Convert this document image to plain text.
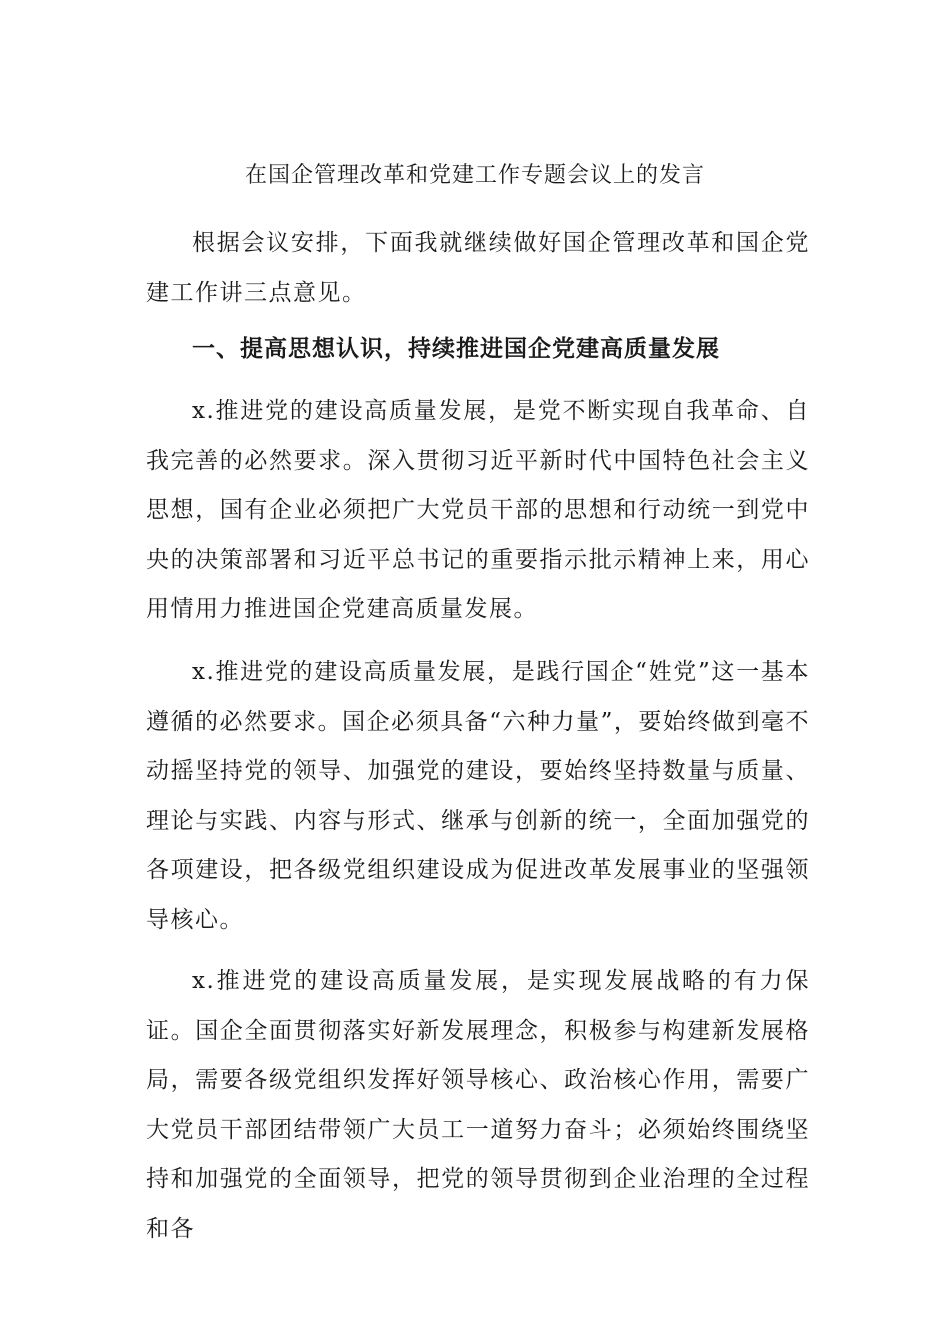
在国企管理改革和党建工作专题会议上的发言

根据会议安排，下面我就继续做好国企管理改革和国企党建工作讲三点意见。

一、提高思想认识，持续推进国企党建高质量发展

x.推进党的建设高质量发展，是党不断实现自我革命、自我完善的必然要求。深入贯彻习近平新时代中国特色社会主义思想，国有企业必须把广大党员干部的思想和行动统一到党中央的决策部署和习近平总书记的重要指示批示精神上来，用心用情用力推进国企党建高质量发展。

x.推进党的建设高质量发展，是践行国企“姓党”这一基本遵循的必然要求。国企必须具备“六种力量”，要始终做到毫不动摇坚持党的领导、加强党的建设，要始终坚持数量与质量、理论与实践、内容与形式、继承与创新的统一，全面加强党的各项建设，把各级党组织建设成为促进改革发展事业的坚强领导核心。

x.推进党的建设高质量发展，是实现发展战略的有力保证。国企全面贯彻落实好新发展理念，积极参与构建新发展格局，需要各级党组织发挥好领导核心、政治核心作用，需要广大党员干部团结带领广大员工一道努力奋斗；必须始终围绕坚持和加强党的全面领导，把党的领导贯彻到企业治理的全过程和各
